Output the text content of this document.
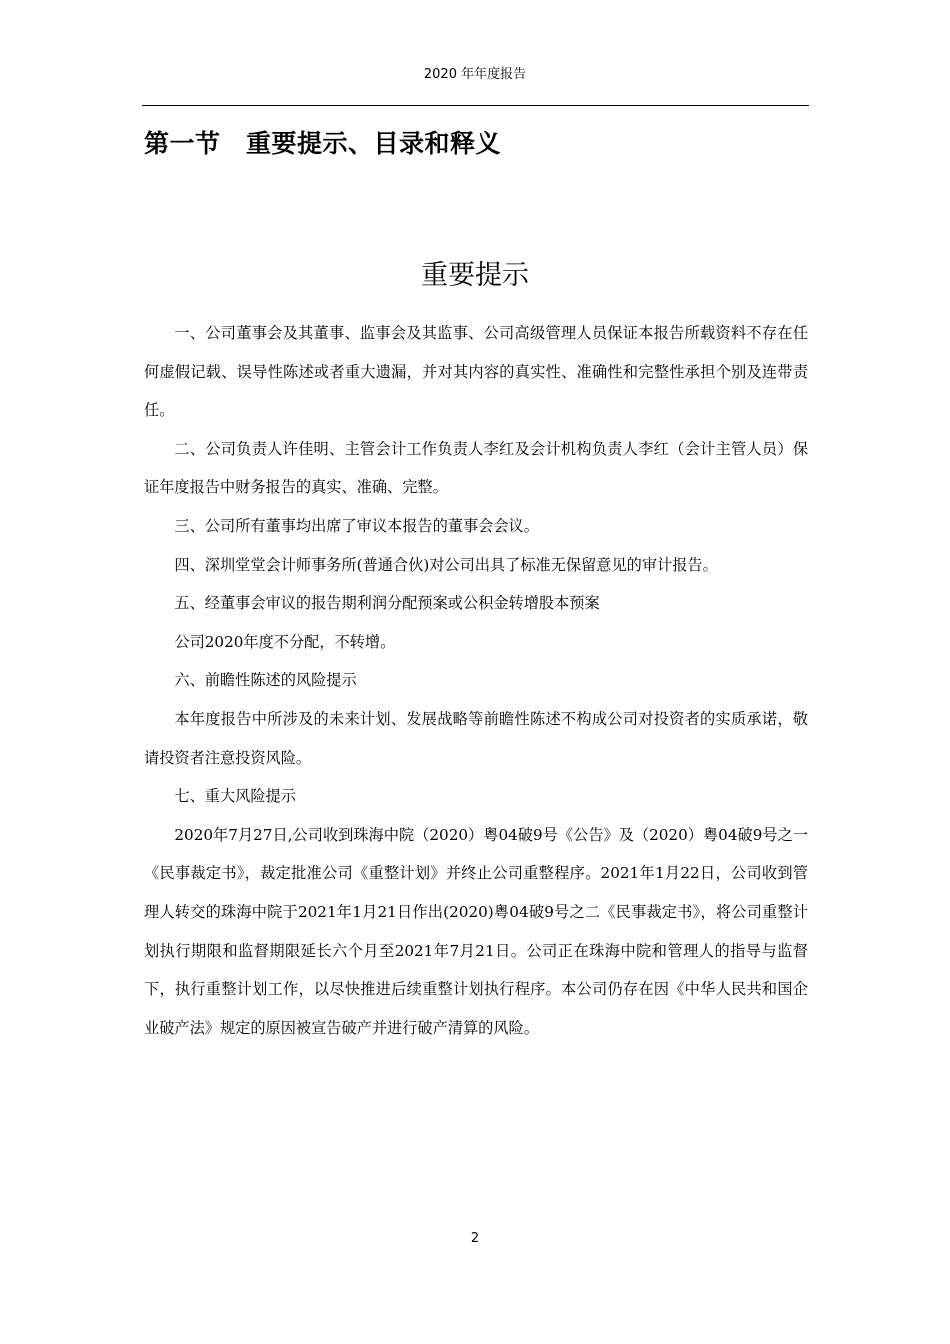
2020 年年度报告
第一节　重要提示、目录和释义
重要提示

一、公司董事会及其董事、监事会及其监事、公司高级管理人员保证本报告所载资料不存在任何虚假记载、误导性陈述或者重大遗漏，并对其内容的真实性、准确性和完整性承担个别及连带责任。

二、公司负责人许佳明、主管会计工作负责人李红及会计机构负责人李红（会计主管人员）保证年度报告中财务报告的真实、准确、完整。

三、公司所有董事均出席了审议本报告的董事会会议。

四、深圳堂堂会计师事务所(普通合伙)对公司出具了标准无保留意见的审计报告。

五、经董事会审议的报告期利润分配预案或公积金转增股本预案

公司2020年度不分配，不转增。

六、前瞻性陈述的风险提示

本年度报告中所涉及的未来计划、发展战略等前瞻性陈述不构成公司对投资者的实质承诺，敬请投资者注意投资风险。

七、重大风险提示

2020年7月27日,公司收到珠海中院（2020）粤04破9号《公告》及（2020）粤04破9号之一《民事裁定书》，裁定批准公司《重整计划》并终止公司重整程序。2021年1月22日，公司收到管理人转交的珠海中院于2021年1月21日作出(2020)粤04破9号之二《民事裁定书》，将公司重整计划执行期限和监督期限延长六个月至2021年7月21日。公司正在珠海中院和管理人的指导与监督下，执行重整计划工作，以尽快推进后续重整计划执行程序。本公司仍存在因《中华人民共和国企业破产法》规定的原因被宣告破产并进行破产清算的风险。

2
